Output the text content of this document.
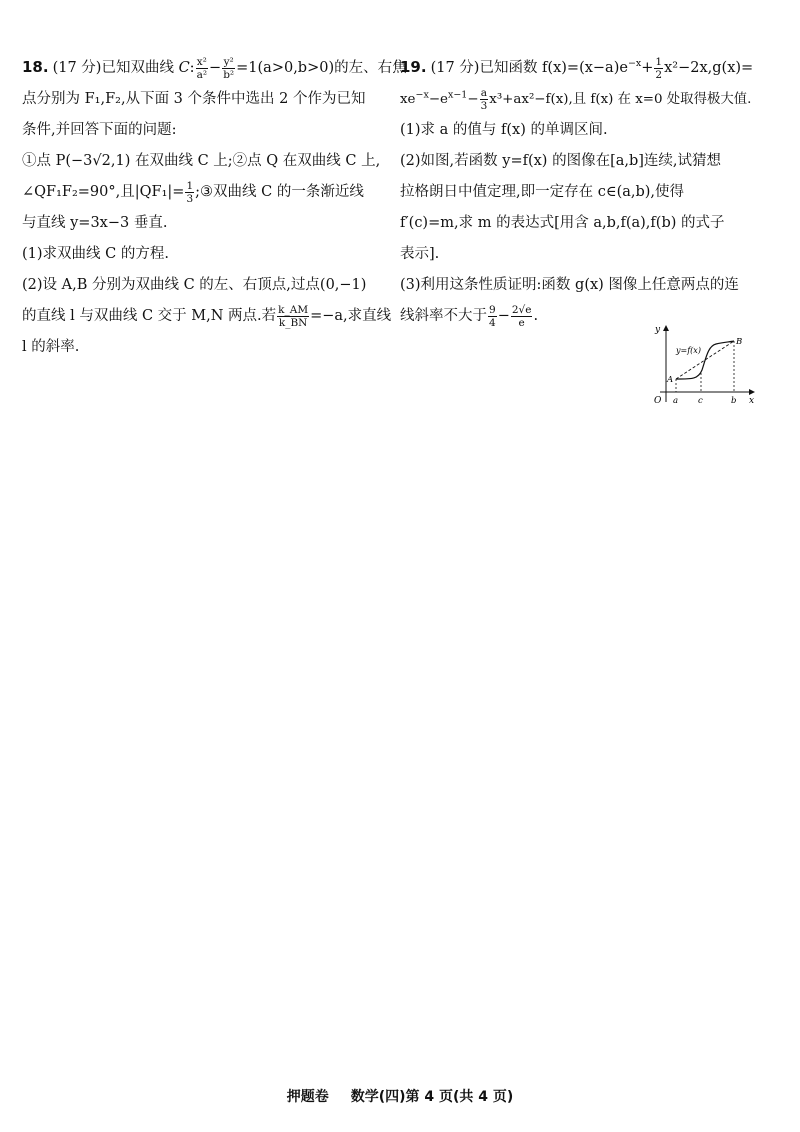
18. (17 分)已知双曲线 C: $\frac{\text{x²}}{\text{a²}} - \frac{\text{y²}}{\text{b²}} =1(a>0,b>0)$的左、右焦
点分别为 F₁,F₂,从下面 3 个条件中选出 2 个作为已知
条件,并回答下面的问题:
①点 P(−3√2,1) 在双曲线 C 上;②点 Q 在双曲线 C 上,
∠QF₁F₂=90°,且$|QF_1|= \frac{1}{3}$ ;③双曲线 C 的一条渐近线
与直线 y=3x−3 垂直.
(1)求双曲线 C 的方程.
(2)设 A,B 分别为双曲线 C 的左、右顶点,过点(0,−1)
的直线 l 与双曲线 C 交于 M,N 两点.若 $\frac{k\_AM}{k\_BN} =-a$,求直线
l 的斜率.
19. (17 分)已知函数 $f(x)=(x-a)e^{-x}+ \frac{1}{2} x^2-2x,g(x)=$
$xe^{-x}-e^{x-1}- \frac{a}{3} x^3+ax^2-f(x)$,且 f(x) 在 x=0 处取得极大值.
(1)求 a 的值与 f(x) 的单调区间.
(2)如图,若函数 y=f(x) 的图像在[a,b]连续,试猜想
拉格朗日中值定理,即一定存在 c∈(a,b),使得
f′(c)=m,求 m 的表达式[用含 a,b,f(a),f(b) 的式子
表示].
(3)利用这条性质证明:函数 g(x) 图像上任意两点的连
线斜率不大于 $\frac{9}{4} - \frac{2√e}{e}$ .
y
x
O
y=f(x)
A
B
a c	b
押题卷 数学(四)第 4 页(共 4 页)
